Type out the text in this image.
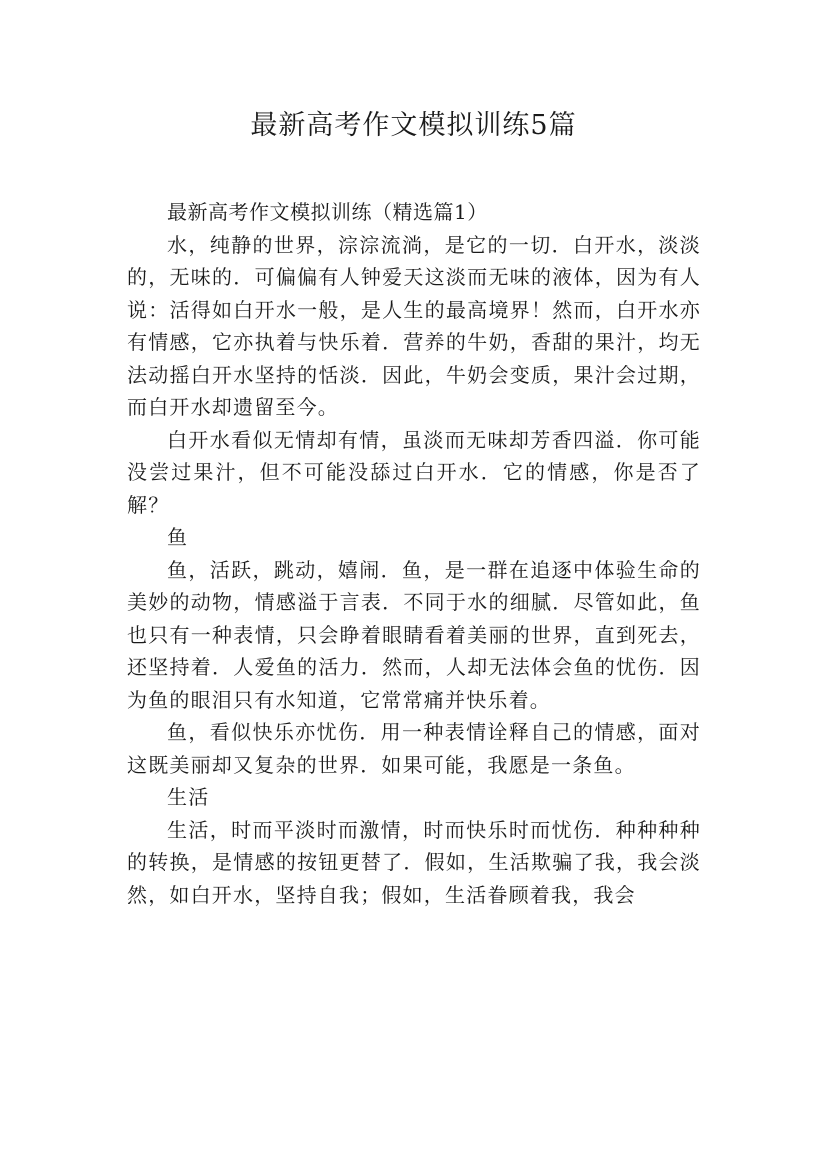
最新高考作文模拟训练5篇

最新高考作文模拟训练（精选篇1）

水，纯静的世界，淙淙流淌，是它的一切．白开水，淡淡的，无味的．可偏偏有人钟爱天这淡而无味的液体，因为有人说：活得如白开水一般，是人生的最高境界！然而，白开水亦有情感，它亦执着与快乐着．营养的牛奶，香甜的果汁，均无法动摇白开水坚持的恬淡．因此，牛奶会变质，果汁会过期，而白开水却遗留至今。

白开水看似无情却有情，虽淡而无味却芳香四溢．你可能没尝过果汁，但不可能没舔过白开水．它的情感，你是否了解？

鱼

鱼，活跃，跳动，嬉闹．鱼，是一群在追逐中体验生命的美妙的动物，情感溢于言表．不同于水的细腻．尽管如此，鱼也只有一种表情，只会睁着眼睛看着美丽的世界，直到死去，还坚持着．人爱鱼的活力．然而，人却无法体会鱼的忧伤．因为鱼的眼泪只有水知道，它常常痛并快乐着。

鱼，看似快乐亦忧伤．用一种表情诠释自己的情感，面对这既美丽却又复杂的世界．如果可能，我愿是一条鱼。

生活

生活，时而平淡时而激情，时而快乐时而忧伤．种种种种的转换，是情感的按钮更替了．假如，生活欺骗了我，我会淡然，如白开水，坚持自我；假如，生活眷顾着我，我会
